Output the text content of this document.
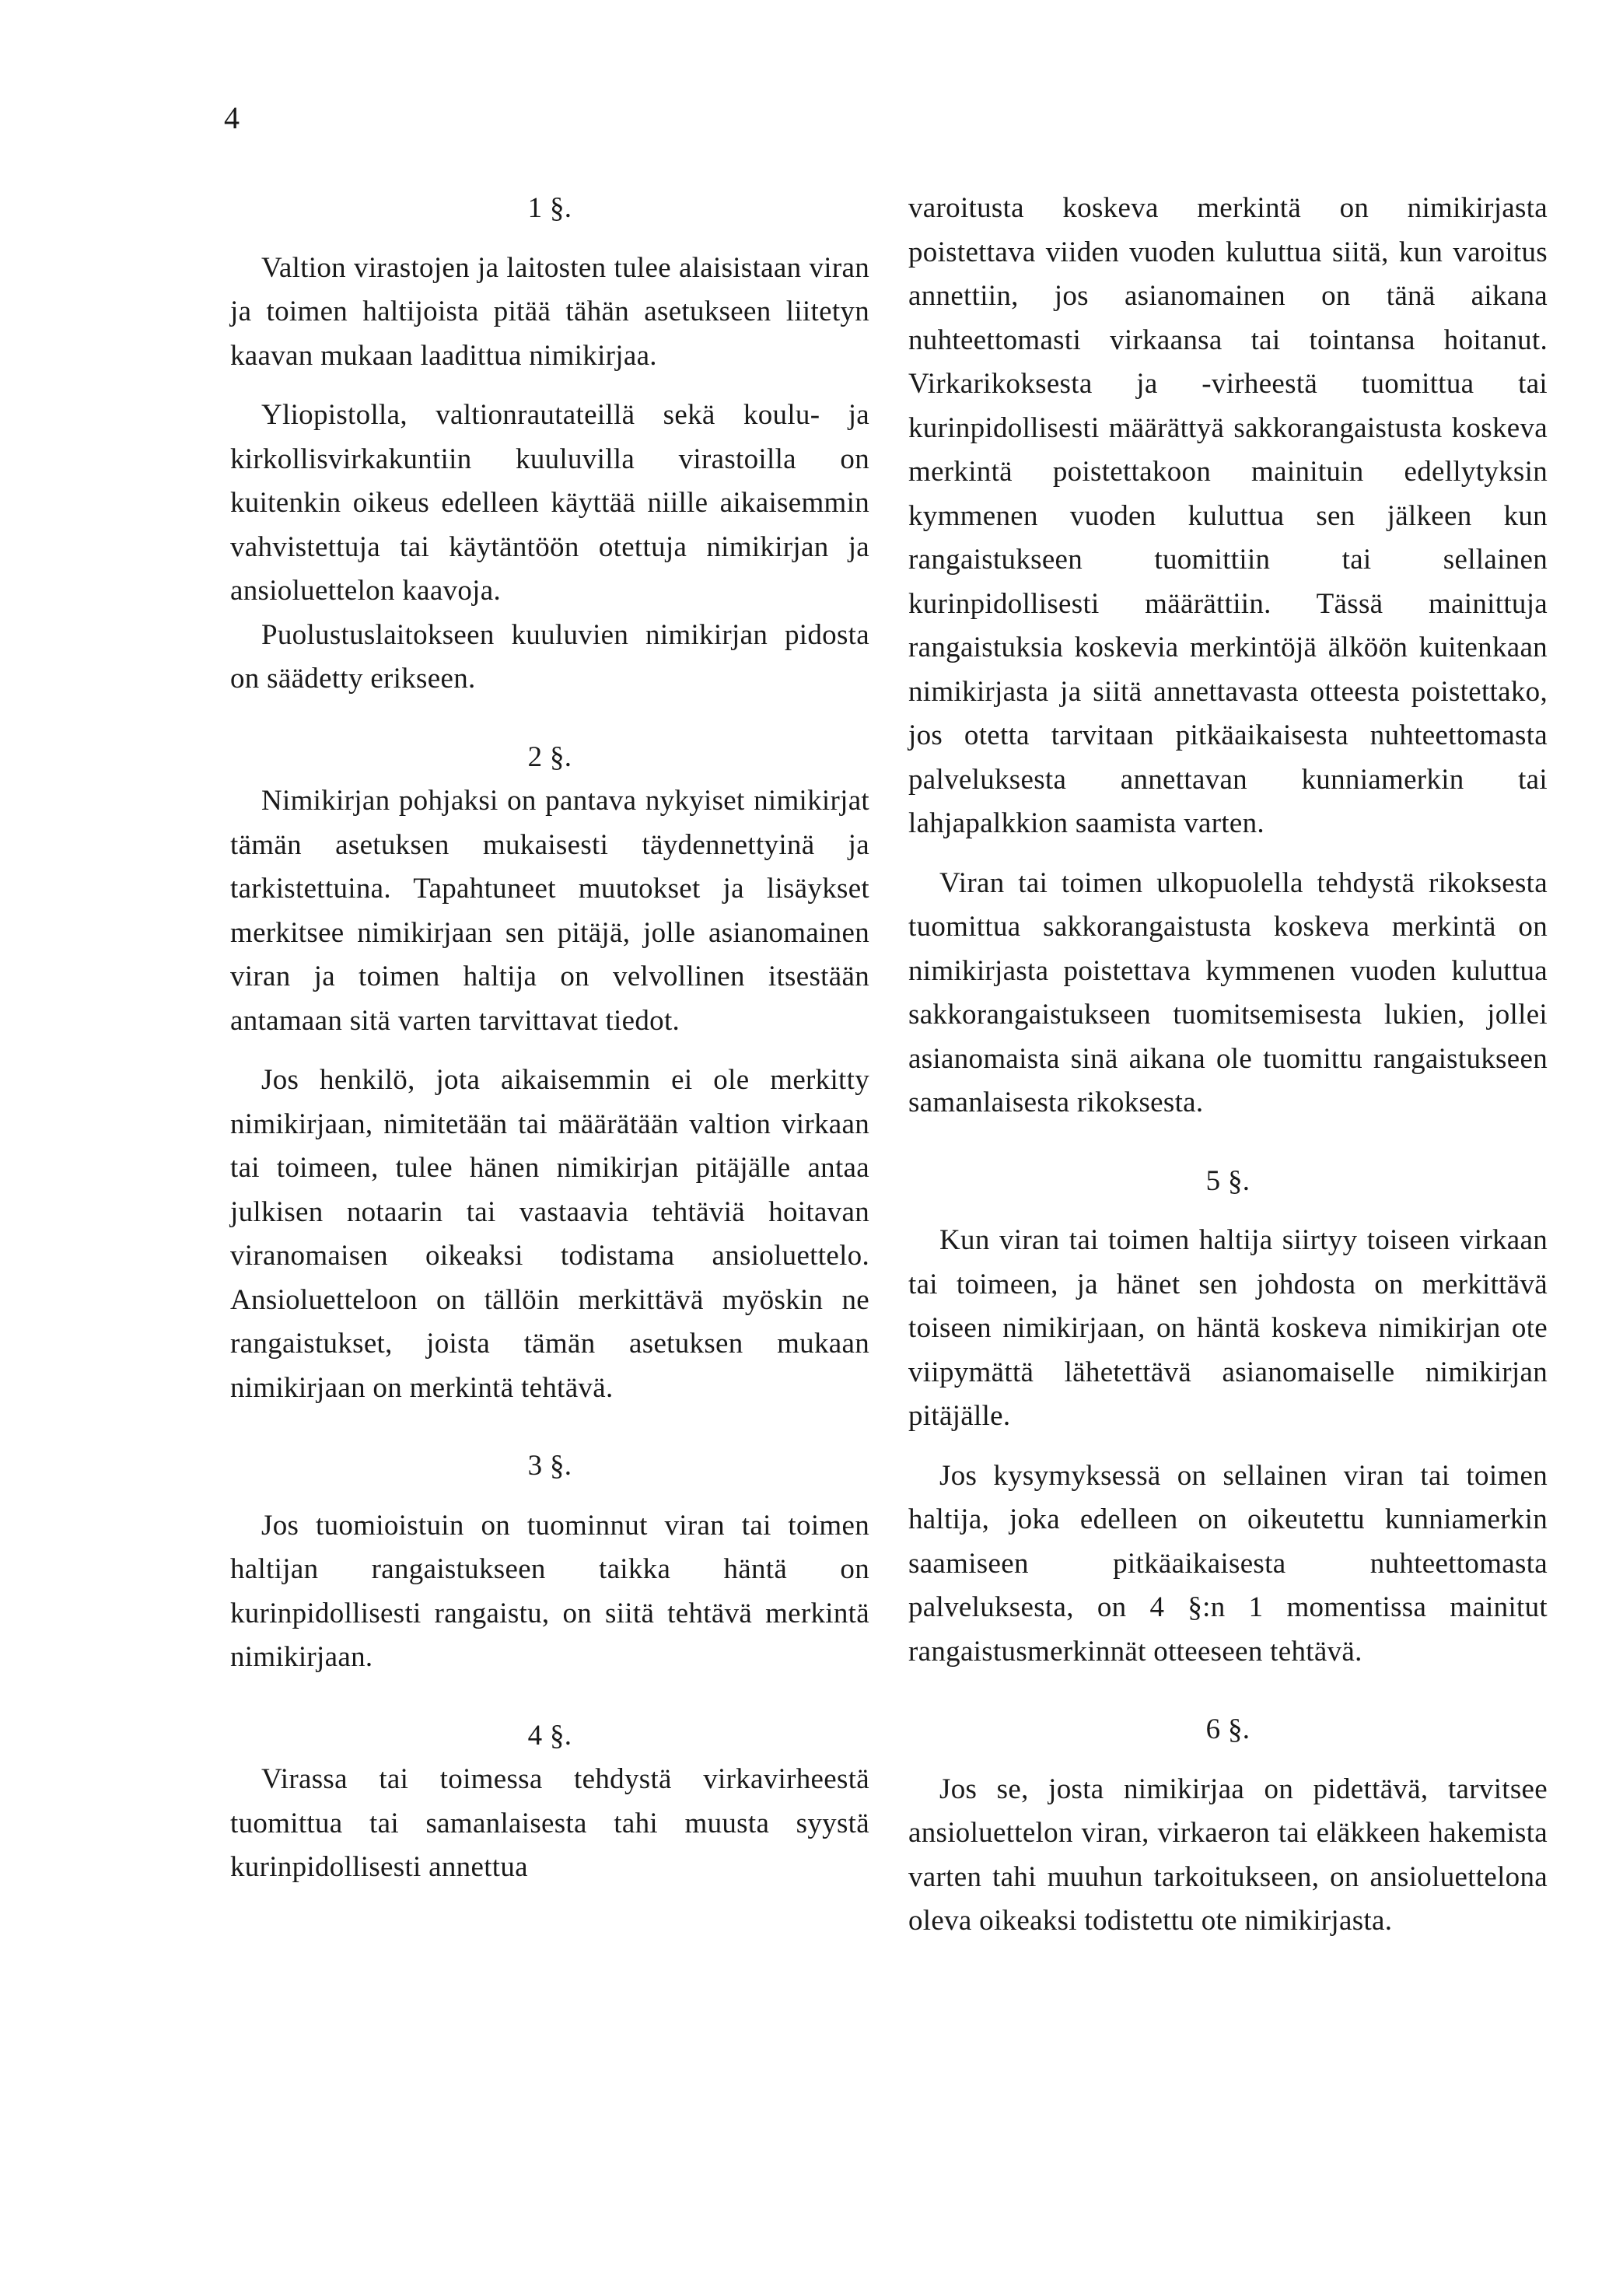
4

1 §.

Valtion virastojen ja laitosten tulee alaisistaan viran ja toimen haltijoista pitää tähän asetukseen liitetyn kaavan mukaan laadittua nimikirjaa.

Yliopistolla, valtionrautateillä sekä koulu- ja kirkollisvirkakuntiin kuuluvilla virastoilla on kuitenkin oikeus edelleen käyttää niille aikaisemmin vahvistettuja tai käytäntöön otettuja nimikirjan ja ansioluettelon kaavoja.

Puolustuslaitokseen kuuluvien nimikirjan pidosta on säädetty erikseen.

2 §.

Nimikirjan pohjaksi on pantava nykyiset nimikirjat tämän asetuksen mukaisesti täydennettyinä ja tarkistettuina. Tapahtuneet muutokset ja lisäykset merkitsee nimikirjaan sen pitäjä, jolle asianomainen viran ja toimen haltija on velvollinen itsestään antamaan sitä varten tarvittavat tiedot.

Jos henkilö, jota aikaisemmin ei ole merkitty nimikirjaan, nimitetään tai määrätään valtion virkaan tai toimeen, tulee hänen nimikirjan pitäjälle antaa julkisen notaarin tai vastaavia tehtäviä hoitavan viranomaisen oikeaksi todistama ansioluettelo. Ansioluetteloon on tällöin merkittävä myöskin ne rangaistukset, joista tämän asetuksen mukaan nimikirjaan on merkintä tehtävä.

3 §.

Jos tuomioistuin on tuominnut viran tai toimen haltijan rangaistukseen taikka häntä on kurinpidollisesti rangaistu, on siitä tehtävä merkintä nimikirjaan.

4 §.

Virassa tai toimessa tehdystä virkavirheestä tuomittua tai samanlaisesta tahi muusta syystä kurinpidollisesti annettua

varoitusta koskeva merkintä on nimikirjasta poistettava viiden vuoden kuluttua siitä, kun varoitus annettiin, jos asianomainen on tänä aikana nuhteettomasti virkaansa tai tointansa hoitanut. Virkarikoksesta ja -virheestä tuomittua tai kurinpidollisesti määrättyä sakkorangaistusta koskeva merkintä poistettakoon mainituin edellytyksin kymmenen vuoden kuluttua sen jälkeen kun rangaistukseen tuomittiin tai sellainen kurinpidollisesti määrättiin. Tässä mainittuja rangaistuksia koskevia merkintöjä älköön kuitenkaan nimikirjasta ja siitä annettavasta otteesta poistettako, jos otetta tarvitaan pitkäaikaisesta nuhteettomasta palveluksesta annettavan kunniamerkin tai lahjapalkkion saamista varten.

Viran tai toimen ulkopuolella tehdystä rikoksesta tuomittua sakkorangaistusta koskeva merkintä on nimikirjasta poistettava kymmenen vuoden kuluttua sakkorangaistukseen tuomitsemisesta lukien, jollei asianomaista sinä aikana ole tuomittu rangaistukseen samanlaisesta rikoksesta.

5 §.

Kun viran tai toimen haltija siirtyy toiseen virkaan tai toimeen, ja hänet sen johdosta on merkittävä toiseen nimikirjaan, on häntä koskeva nimikirjan ote viipymättä lähetettävä asianomaiselle nimikirjan pitäjälle.

Jos kysymyksessä on sellainen viran tai toimen haltija, joka edelleen on oikeutettu kunniamerkin saamiseen pitkäaikaisesta nuhteettomasta palveluksesta, on 4 §:n 1 momentissa mainitut rangaistusmerkinnät otteeseen tehtävä.

6 §.

Jos se, josta nimikirjaa on pidettävä, tarvitsee ansioluettelon viran, virkaeron tai eläkkeen hakemista varten tahi muuhun tarkoitukseen, on ansioluettelona oleva oikeaksi todistettu ote nimikirjasta.
